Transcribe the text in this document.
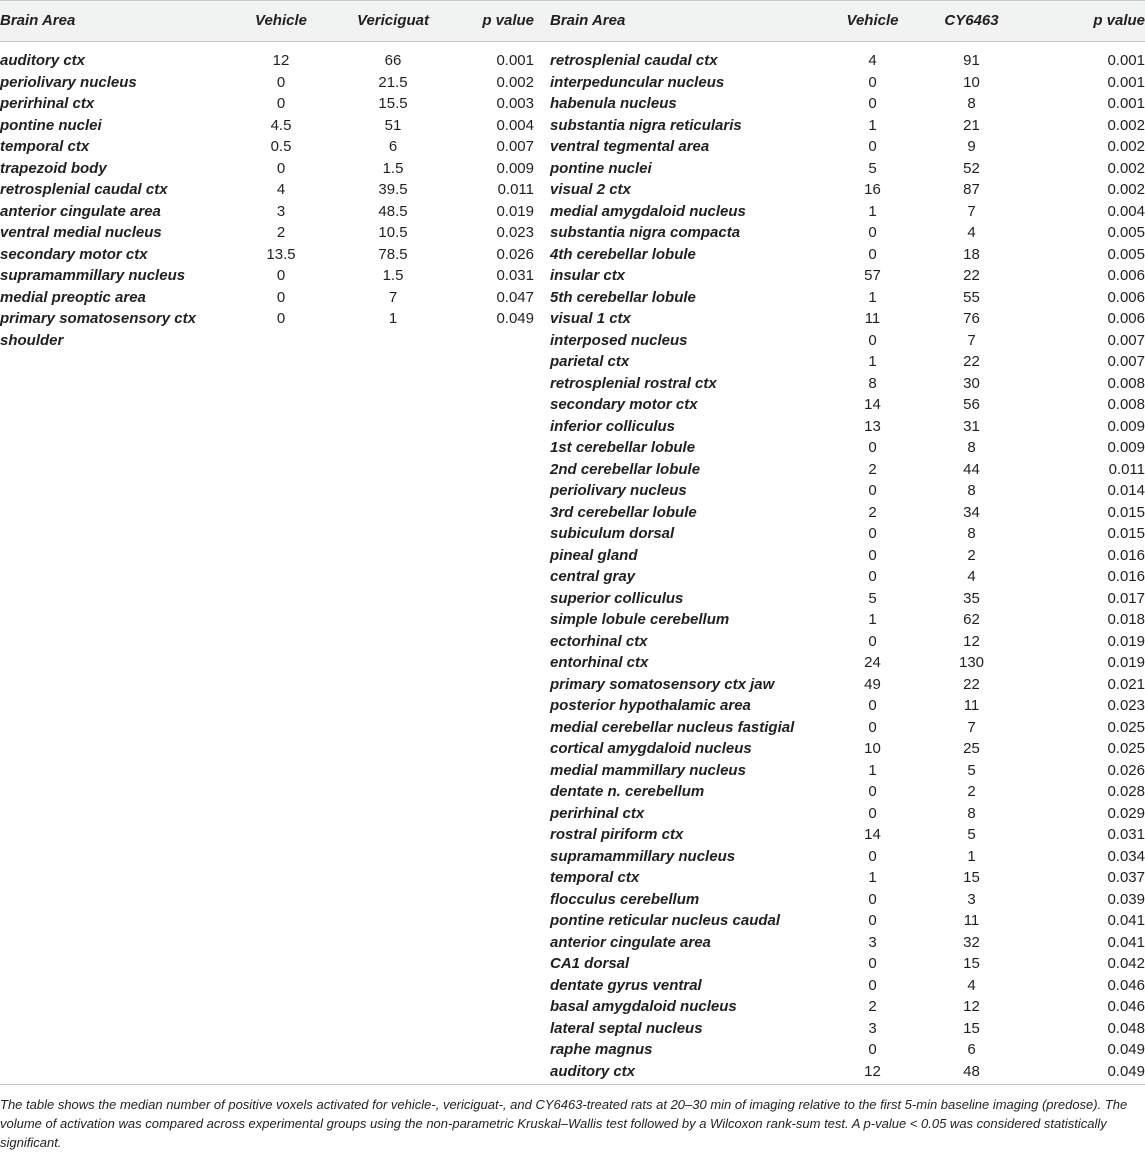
Brain Area	Vehicle	Vericiguat	p value	Brain Area	Vehicle	CY6463	p value
auditory ctx	12	66	0.001	retrosplenial caudal ctx	4	91	0.001
periolivary nucleus	0	21.5	0.002	interpeduncular nucleus	0	10	0.001
perirhinal ctx	0	15.5	0.003	habenula nucleus	0	8	0.001
pontine nuclei	4.5	51	0.004	substantia nigra reticularis	1	21	0.002
temporal ctx	0.5	6	0.007	ventral tegmental area	0	9	0.002
trapezoid body	0	1.5	0.009	pontine nuclei	5	52	0.002
retrosplenial caudal ctx	4	39.5	0.011	visual 2 ctx	16	87	0.002
anterior cingulate area	3	48.5	0.019	medial amygdaloid nucleus	1	7	0.004
ventral medial nucleus	2	10.5	0.023	substantia nigra compacta	0	4	0.005
secondary motor ctx	13.5	78.5	0.026	4th cerebellar lobule	0	18	0.005
supramammillary nucleus	0	1.5	0.031	insular ctx	57	22	0.006
medial preoptic area	0	7	0.047	5th cerebellar lobule	1	55	0.006
primary somatosensory ctx	0	1	0.049	visual 1 ctx	11	76	0.006
shoulder				interposed nucleus	0	7	0.007
				parietal ctx	1	22	0.007
				retrosplenial rostral ctx	8	30	0.008
				secondary motor ctx	14	56	0.008
				inferior colliculus	13	31	0.009
				1st cerebellar lobule	0	8	0.009
				2nd cerebellar lobule	2	44	0.011
				periolivary nucleus	0	8	0.014
				3rd cerebellar lobule	2	34	0.015
				subiculum dorsal	0	8	0.015
				pineal gland	0	2	0.016
				central gray	0	4	0.016
				superior colliculus	5	35	0.017
				simple lobule cerebellum	1	62	0.018
				ectorhinal ctx	0	12	0.019
				entorhinal ctx	24	130	0.019
				primary somatosensory ctx jaw	49	22	0.021
				posterior hypothalamic area	0	11	0.023
				medial cerebellar nucleus fastigial	0	7	0.025
				cortical amygdaloid nucleus	10	25	0.025
				medial mammillary nucleus	1	5	0.026
				dentate n. cerebellum	0	2	0.028
				perirhinal ctx	0	8	0.029
				rostral piriform ctx	14	5	0.031
				supramammillary nucleus	0	1	0.034
				temporal ctx	1	15	0.037
				flocculus cerebellum	0	3	0.039
				pontine reticular nucleus caudal	0	11	0.041
				anterior cingulate area	3	32	0.041
				CA1 dorsal	0	15	0.042
				dentate gyrus ventral	0	4	0.046
				basal amygdaloid nucleus	2	12	0.046
				lateral septal nucleus	3	15	0.048
				raphe magnus	0	6	0.049
				auditory ctx	12	48	0.049
The table shows the median number of positive voxels activated for vehicle-, vericiguat-, and CY6463-treated rats at 20–30 min of imaging relative to the first 5-min baseline imaging (predose). The volume of activation was compared across experimental groups using the non-parametric Kruskal–Wallis test followed by a Wilcoxon rank-sum test. A p-value < 0.05 was considered statistically significant.
